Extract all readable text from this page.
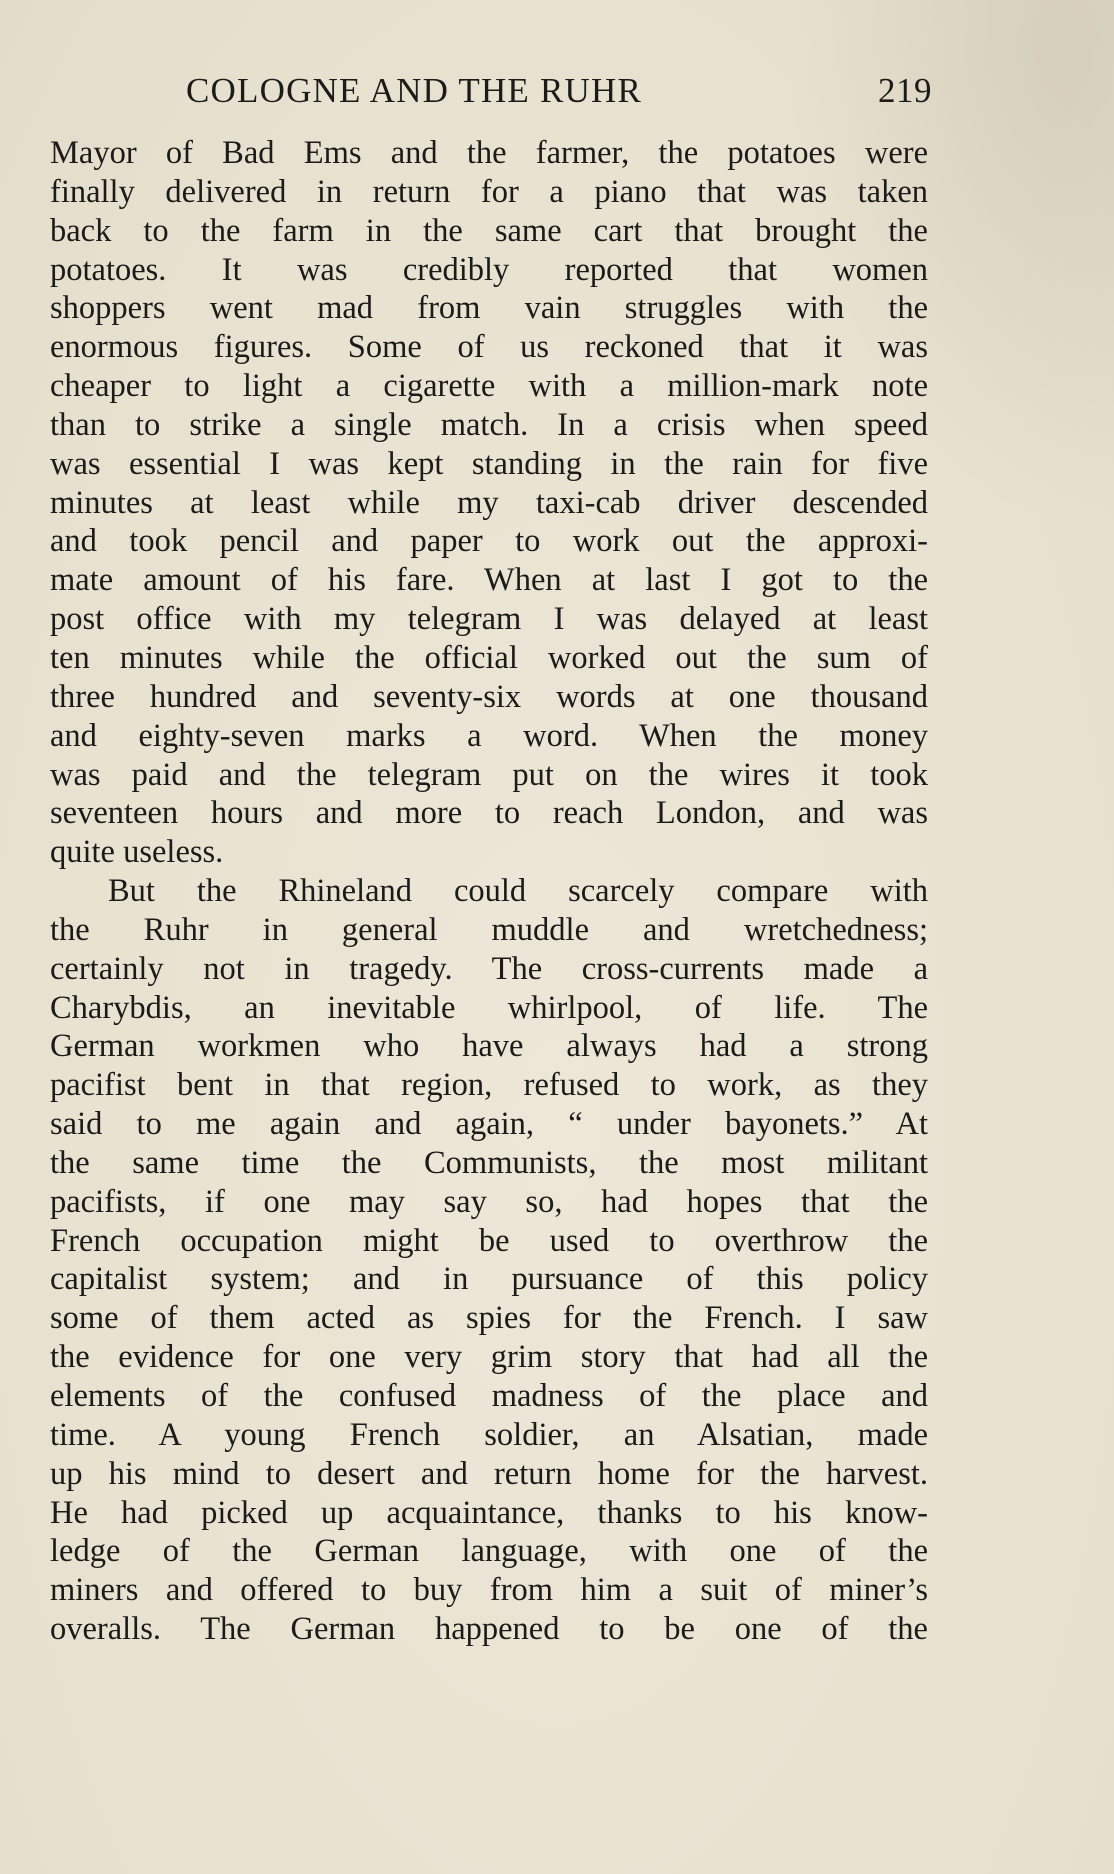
COLOGNE AND THE RUHR	219
Mayor of Bad Ems and the farmer, the potatoes were
finally delivered in return for a piano that was taken
back to the farm in the same cart that brought the
potatoes. It was credibly reported that women
shoppers went mad from vain struggles with the
enormous figures. Some of us reckoned that it was
cheaper to light a cigarette with a million-mark note
than to strike a single match. In a crisis when speed
was essential I was kept standing in the rain for five
minutes at least while my taxi-cab driver descended
and took pencil and paper to work out the approxi-
mate amount of his fare. When at last I got to the
post office with my telegram I was delayed at least
ten minutes while the official worked out the sum of
three hundred and seventy-six words at one thousand
and eighty-seven marks a word. When the money
was paid and the telegram put on the wires it took
seventeen hours and more to reach London, and was
quite useless.
But the Rhineland could scarcely compare with
the Ruhr in general muddle and wretchedness;
certainly not in tragedy. The cross-currents made a
Charybdis, an inevitable whirlpool, of life. The
German workmen who have always had a strong
pacifist bent in that region, refused to work, as they
said to me again and again, “ under bayonets.” At
the same time the Communists, the most militant
pacifists, if one may say so, had hopes that the
French occupation might be used to overthrow the
capitalist system; and in pursuance of this policy
some of them acted as spies for the French. I saw
the evidence for one very grim story that had all the
elements of the confused madness of the place and
time. A young French soldier, an Alsatian, made
up his mind to desert and return home for the harvest.
He had picked up acquaintance, thanks to his know-
ledge of the German language, with one of the
miners and offered to buy from him a suit of miner’s
overalls. The German happened to be one of the
